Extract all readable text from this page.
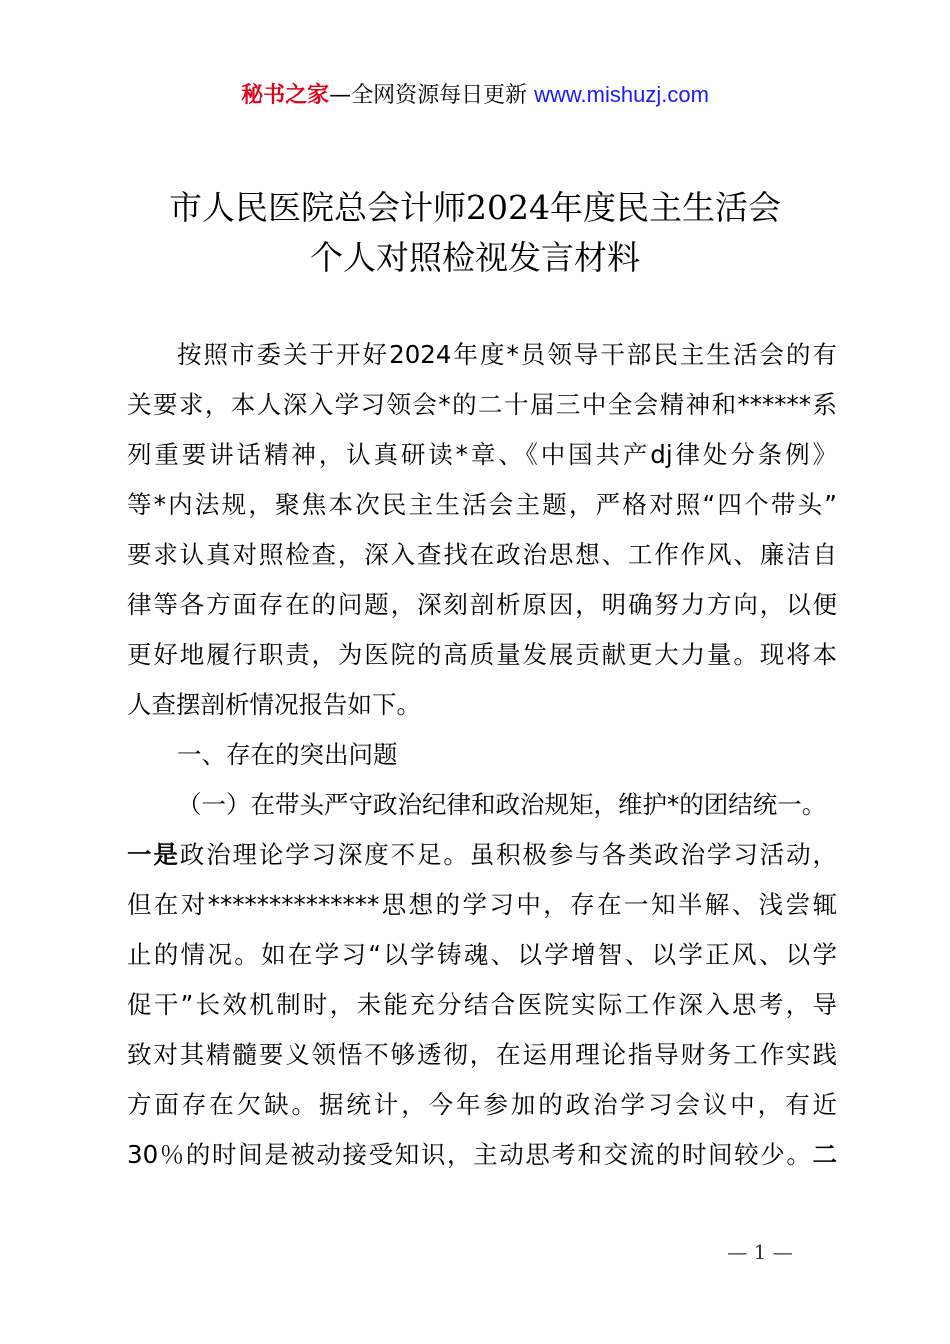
秘书之家—全网资源每日更新 www.mishuzj.com
市人民医院总会计师2024年度民主生活会
个人对照检视发言材料
按照市委关于开好2024年度*员领导干部民主生活会的有
关要求，本人深入学习领会*的二十届三中全会精神和******系
列重要讲话精神，认真研读*章、《中国共产dj律处分条例》
等*内法规，聚焦本次民主生活会主题，严格对照“四个带头”
要求认真对照检查，深入查找在政治思想、工作作风、廉洁自
律等各方面存在的问题，深刻剖析原因，明确努力方向，以便
更好地履行职责，为医院的高质量发展贡献更大力量。现将本
人查摆剖析情况报告如下。
一、存在的突出问题
（一）在带头严守政治纪律和政治规矩，维护*的团结统一。
一是政治理论学习深度不足。虽积极参与各类政治学习活动，
但在对**************思想的学习中，存在一知半解、浅尝辄
止的情况。如在学习“以学铸魂、以学增智、以学正风、以学
促干”长效机制时，未能充分结合医院实际工作深入思考，导
致对其精髓要义领悟不够透彻，在运用理论指导财务工作实践
方面存在欠缺。据统计，今年参加的政治学习会议中，有近
30％的时间是被动接受知识，主动思考和交流的时间较少。二
— 1 —
